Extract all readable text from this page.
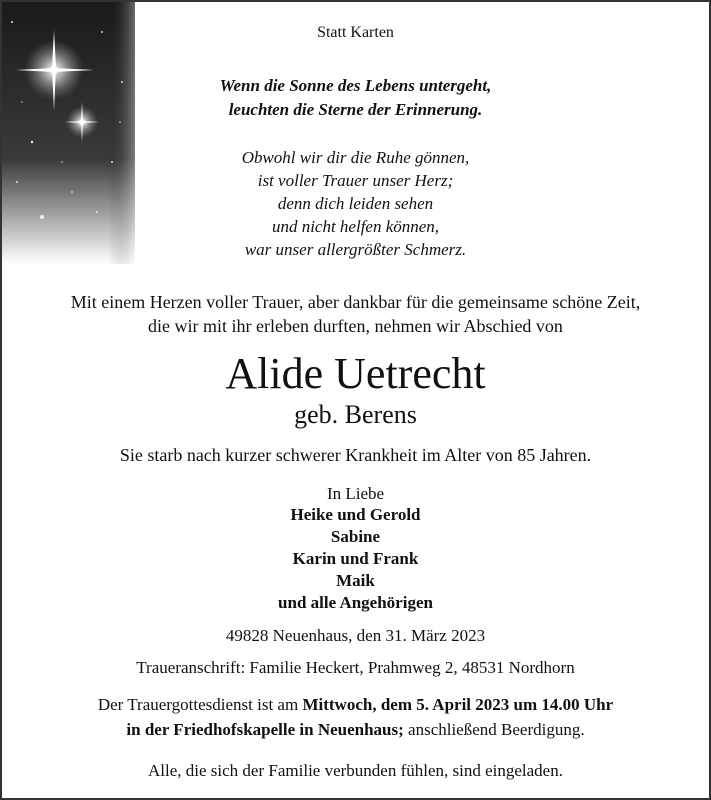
Statt Karten
Wenn die Sonne des Lebens untergeht,
leuchten die Sterne der Erinnerung.
Obwohl wir dir die Ruhe gönnen,
ist voller Trauer unser Herz;
denn dich leiden sehen
und nicht helfen können,
war unser allergrößter Schmerz.
Mit einem Herzen voller Trauer, aber dankbar für die gemeinsame schöne Zeit,
die wir mit ihr erleben durften, nehmen wir Abschied von
Alide Uetrecht
geb. Berens
Sie starb nach kurzer schwerer Krankheit im Alter von 85 Jahren.
In Liebe
Heike und Gerold
Sabine
Karin und Frank
Maik
und alle Angehörigen
49828 Neuenhaus, den 31. März 2023
Traueranschrift: Familie Heckert, Prahmweg 2, 48531 Nordhorn
Der Trauergottesdienst ist am Mittwoch, dem 5. April 2023 um 14.00 Uhr
in der Friedhofskapelle in Neuenhaus; anschließend Beerdigung.
Alle, die sich der Familie verbunden fühlen, sind eingeladen.
